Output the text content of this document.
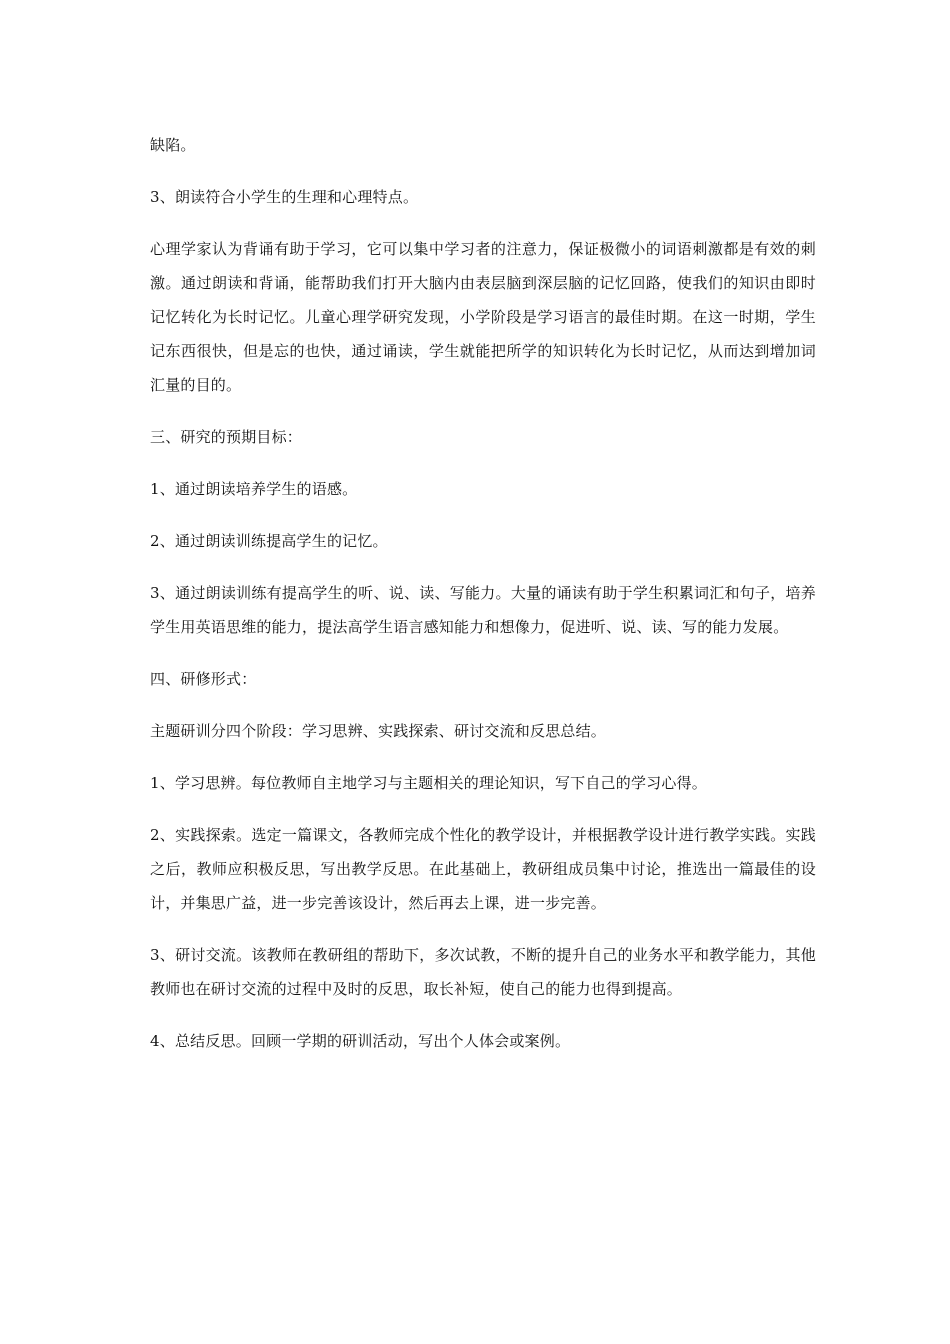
缺陷。

3、朗读符合小学生的生理和心理特点。

心理学家认为背诵有助于学习，它可以集中学习者的注意力，保证极微小的词语刺激都是有效的刺激。通过朗读和背诵，能帮助我们打开大脑内由表层脑到深层脑的记忆回路，使我们的知识由即时记忆转化为长时记忆。儿童心理学研究发现，小学阶段是学习语言的最佳时期。在这一时期，学生记东西很快，但是忘的也快，通过诵读，学生就能把所学的知识转化为长时记忆，从而达到增加词汇量的目的。

三、研究的预期目标：

1、通过朗读培养学生的语感。

2、通过朗读训练提高学生的记忆。

3、通过朗读训练有提高学生的听、说、读、写能力。大量的诵读有助于学生积累词汇和句子，培养学生用英语思维的能力，提法高学生语言感知能力和想像力，促进听、说、读、写的能力发展。

四、研修形式：

主题研训分四个阶段：学习思辨、实践探索、研讨交流和反思总结。

1、学习思辨。每位教师自主地学习与主题相关的理论知识，写下自己的学习心得。

2、实践探索。选定一篇课文，各教师完成个性化的教学设计，并根据教学设计进行教学实践。实践之后，教师应积极反思，写出教学反思。在此基础上，教研组成员集中讨论，推选出一篇最佳的设计，并集思广益，进一步完善该设计，然后再去上课，进一步完善。

3、研讨交流。该教师在教研组的帮助下，多次试教，不断的提升自己的业务水平和教学能力，其他教师也在研讨交流的过程中及时的反思，取长补短，使自己的能力也得到提高。

4、总结反思。回顾一学期的研训活动，写出个人体会或案例。
